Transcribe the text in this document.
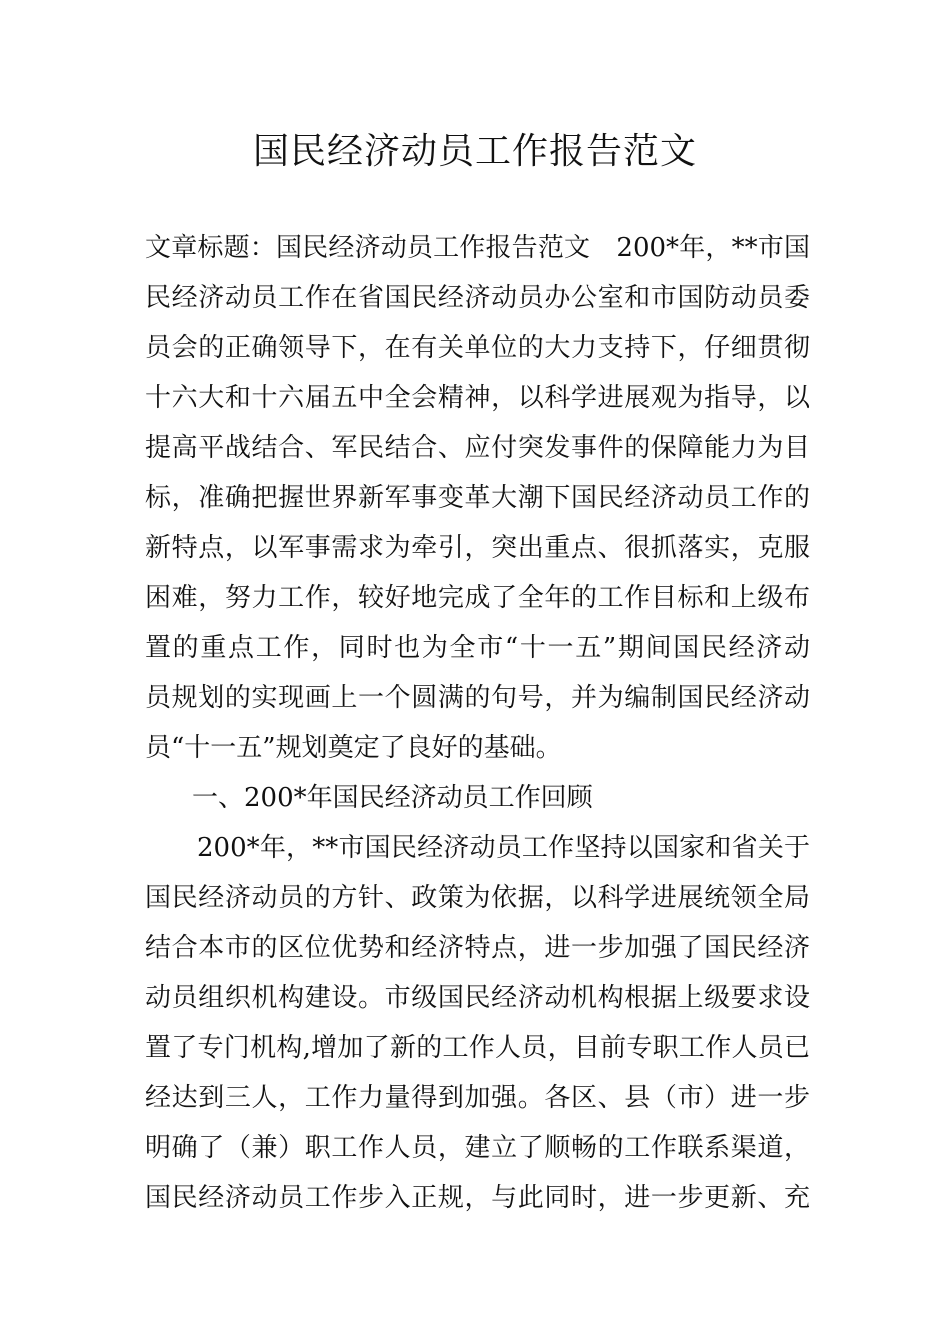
国民经济动员工作报告范文
文章标题：国民经济动员工作报告范文　200*年，**市国
民经济动员工作在省国民经济动员办公室和市国防动员委
员会的正确领导下，在有关单位的大力支持下，仔细贯彻
十六大和十六届五中全会精神，以科学进展观为指导，以
提高平战结合、军民结合、应付突发事件的保障能力为目
标，准确把握世界新军事变革大潮下国民经济动员工作的
新特点，以军事需求为牵引，突出重点、很抓落实，克服
困难，努力工作，较好地完成了全年的工作目标和上级布
置的重点工作，同时也为全市“十一五”期间国民经济动
员规划的实现画上一个圆满的句号，并为编制国民经济动
员“十一五”规划奠定了良好的基础。
一、200*年国民经济动员工作回顾
200*年，**市国民经济动员工作坚持以国家和省关于
国民经济动员的方针、政策为依据，以科学进展统领全局
结合本市的区位优势和经济特点，进一步加强了国民经济
动员组织机构建设。市级国民经济动机构根据上级要求设
置了专门机构,增加了新的工作人员，目前专职工作人员已
经达到三人，工作力量得到加强。各区、县（市）进一步
明确了（兼）职工作人员，建立了顺畅的工作联系渠道，
国民经济动员工作步入正规，与此同时，进一步更新、充
